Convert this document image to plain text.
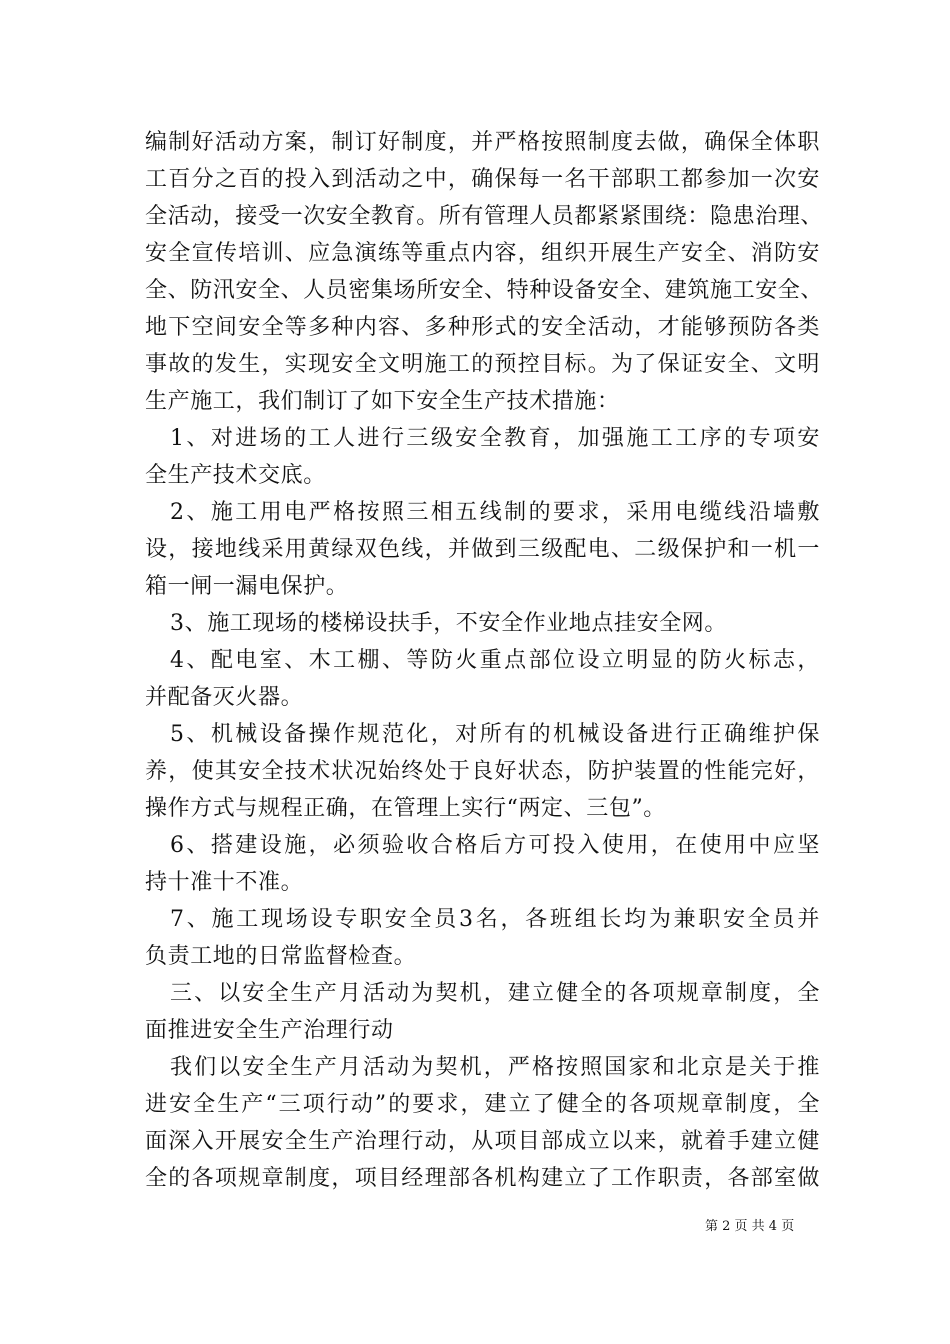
编制好活动方案，制订好制度，并严格按照制度去做，确保全体职
工百分之百的投入到活动之中，确保每一名干部职工都参加一次安
全活动，接受一次安全教育。所有管理人员都紧紧围绕：隐患治理、
安全宣传培训、应急演练等重点内容，组织开展生产安全、消防安
全、防汛安全、人员密集场所安全、特种设备安全、建筑施工安全、
地下空间安全等多种内容、多种形式的安全活动，才能够预防各类
事故的发生，实现安全文明施工的预控目标。为了保证安全、文明
生产施工，我们制订了如下安全生产技术措施：
1、对进场的工人进行三级安全教育，加强施工工序的专项安
全生产技术交底。
2、施工用电严格按照三相五线制的要求，采用电缆线沿墙敷
设，接地线采用黄绿双色线，并做到三级配电、二级保护和一机一
箱一闸一漏电保护。
3、施工现场的楼梯设扶手，不安全作业地点挂安全网。
4、配电室、木工棚、等防火重点部位设立明显的防火标志，
并配备灭火器。
5、机械设备操作规范化，对所有的机械设备进行正确维护保
养，使其安全技术状况始终处于良好状态，防护装置的性能完好，
操作方式与规程正确，在管理上实行“两定、三包”。
6、搭建设施，必须验收合格后方可投入使用，在使用中应坚
持十准十不准。
7、施工现场设专职安全员3名，各班组长均为兼职安全员并
负责工地的日常监督检查。
三、以安全生产月活动为契机，建立健全的各项规章制度，全
面推进安全生产治理行动
我们以安全生产月活动为契机，严格按照国家和北京是关于推
进安全生产“三项行动”的要求，建立了健全的各项规章制度，全
面深入开展安全生产治理行动，从项目部成立以来，就着手建立健
全的各项规章制度，项目经理部各机构建立了工作职责，各部室做
第 2 页 共 4 页
